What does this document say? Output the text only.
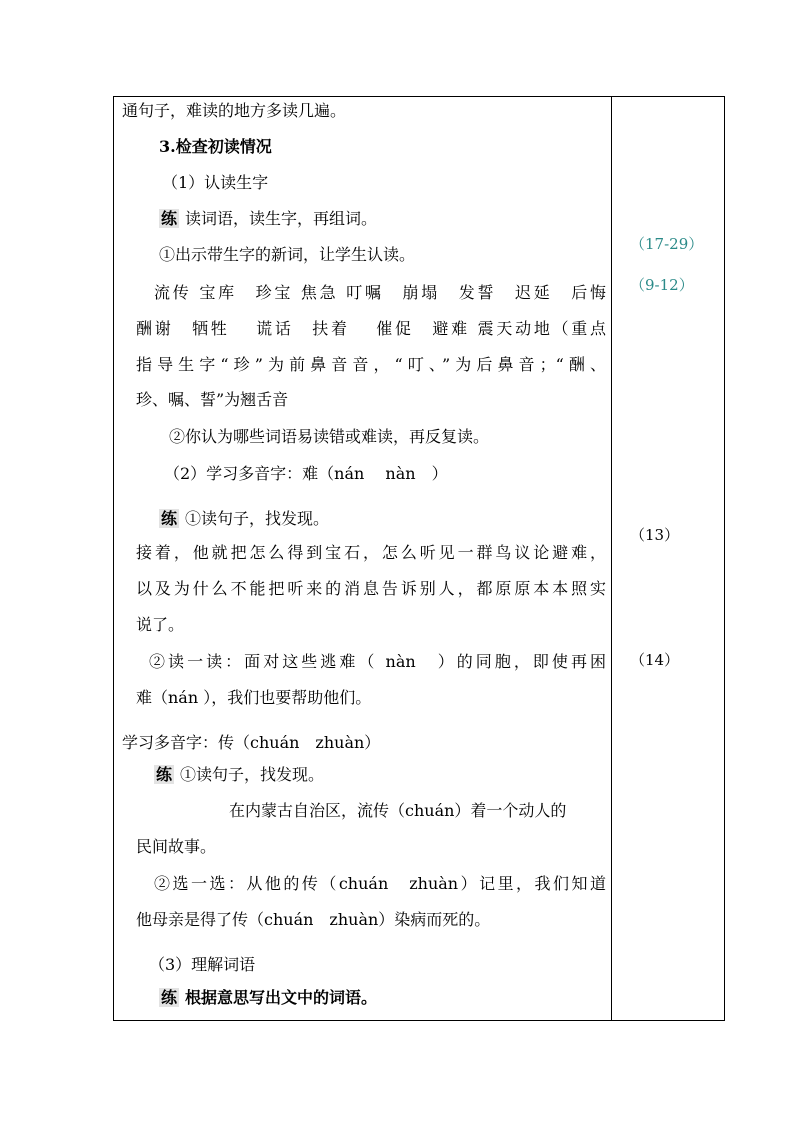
通句子，难读的地方多读几遍。
3.检查初读情况
（1）认读生字
练 读词语，读生字，再组词。
①出示带生字的新词，让学生认读。
流传 宝库　珍宝 焦急 叮嘱　崩塌　发誓　迟延　后悔
酬谢　牺牲　 谎话　扶着　 催促　避难 震天动地（重点
指导生字“珍”为前鼻音音，“叮、”为后鼻音；“酬、
珍、嘱、誓”为翘舌音
②你认为哪些词语易读错或难读，再反复读。
（2）学习多音字：难（nán　 nàn　）
练 ①读句子，找发现。
接着，他就把怎么得到宝石，怎么听见一群鸟议论避难，
以及为什么不能把听来的消息告诉别人，都原原本本照实
说了。
②读一读：面对这些逃难（ nàn　）的同胞，即使再困
难（nán ），我们也要帮助他们。
学习多音字：传（chuán　zhuàn）
练 ①读句子，找发现。
在内蒙古自治区，流传（chuán）着一个动人的
民间故事。
②选一选：从他的传（chuán　zhuàn）记里，我们知道
他母亲是得了传（chuán　zhuàn）染病而死的。
（3）理解词语
练 根据意思写出文中的词语。
（17-29）
（9-12）
（13）
（14）
